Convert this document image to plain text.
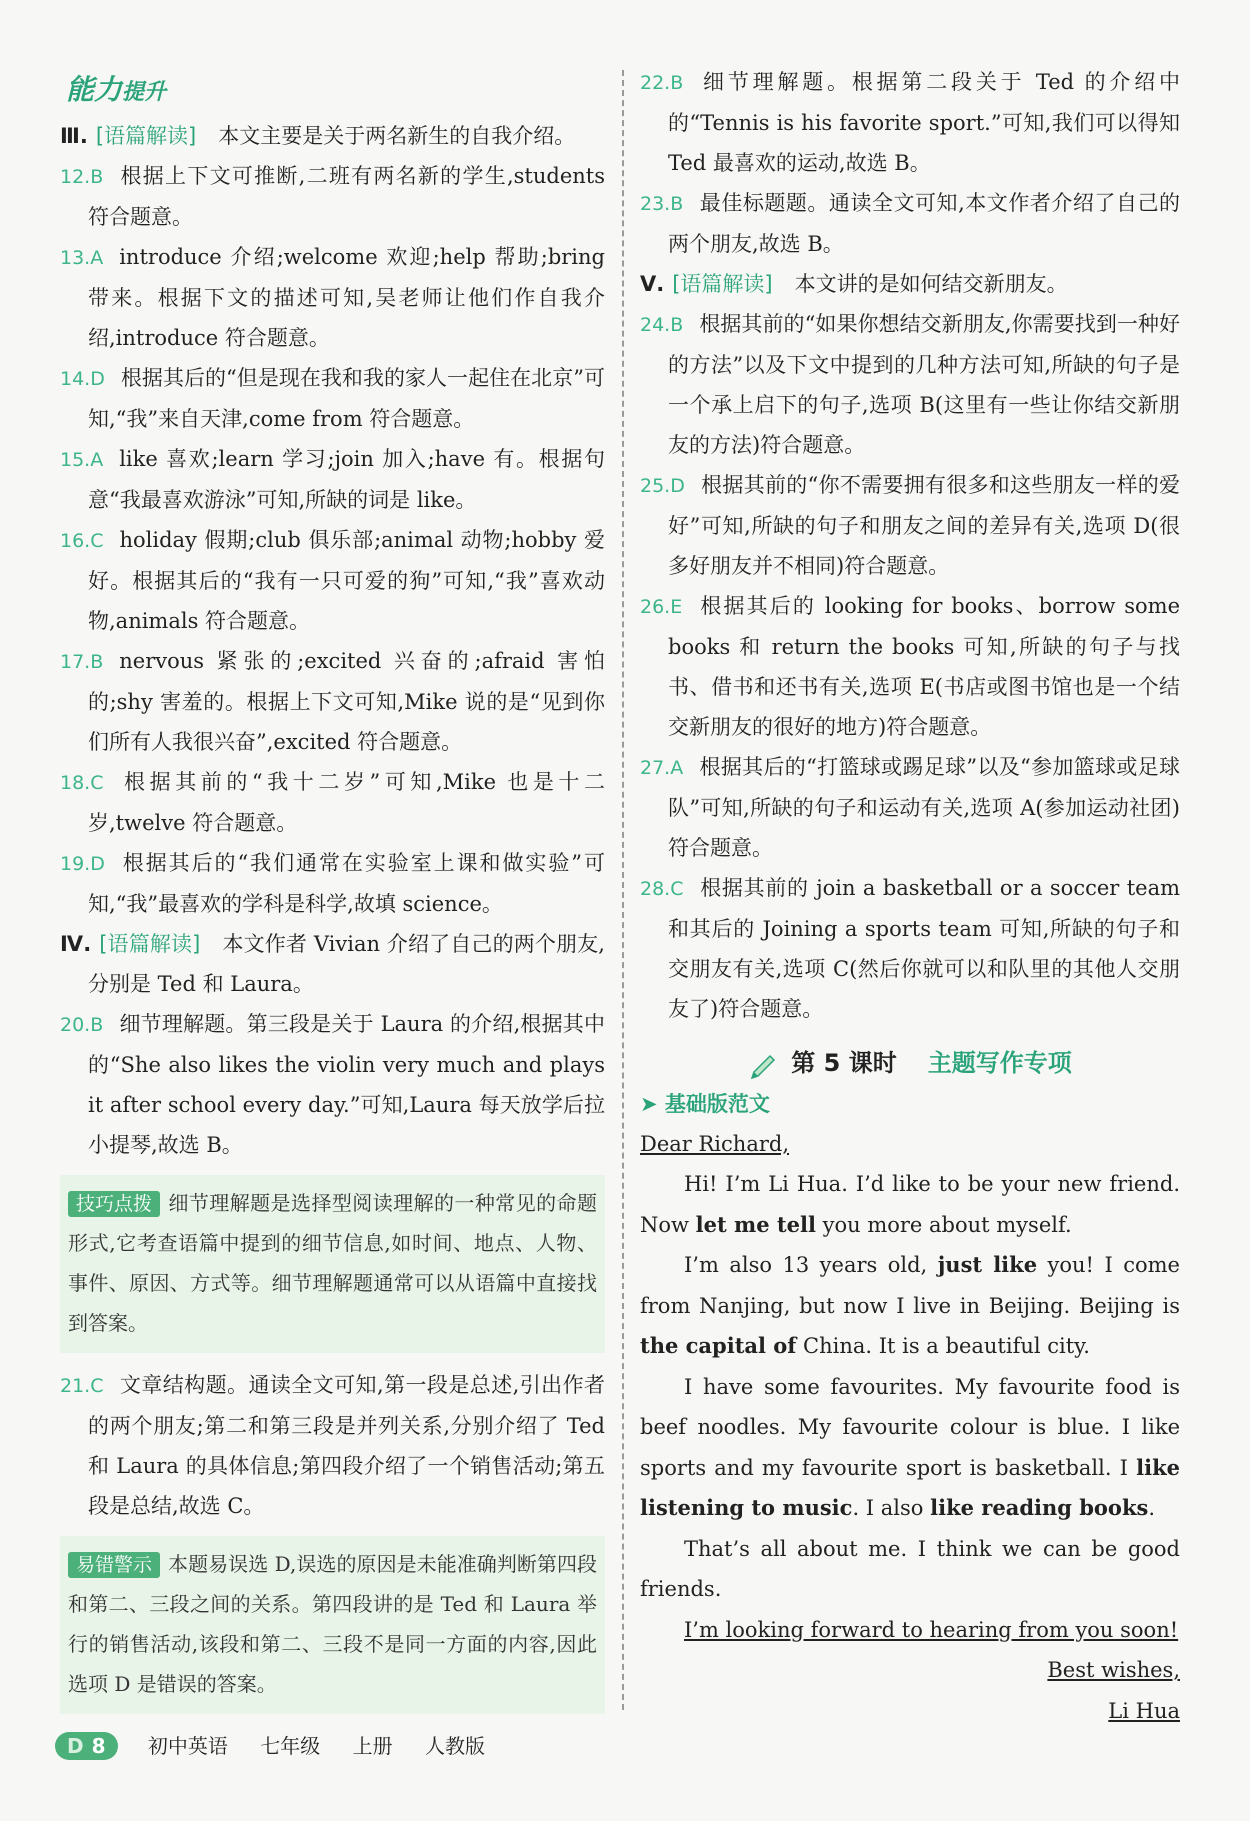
能力提升

Ⅲ. [语篇解读] 本文主要是关于两名新生的自我介绍。

12.B 根据上下文可推断,二班有两名新的学生,students 符合题意。

13.A introduce 介绍;welcome 欢迎;help 帮助;bring 带来。根据下文的描述可知,吴老师让他们作自我介绍,introduce 符合题意。

14.D 根据其后的“但是现在我和我的家人一起住在北京”可知,“我”来自天津,come from 符合题意。

15.A like 喜欢;learn 学习;join 加入;have 有。根据句意“我最喜欢游泳”可知,所缺的词是 like。

16.C holiday 假期;club 俱乐部;animal 动物;hobby 爱好。根据其后的“我有一只可爱的狗”可知,“我”喜欢动物,animals 符合题意。

17.B nervous 紧张的;excited 兴奋的;afraid 害怕的;shy 害羞的。根据上下文可知,Mike 说的是“见到你们所有人我很兴奋”,excited 符合题意。

18.C 根据其前的“我十二岁”可知,Mike 也是十二岁,twelve 符合题意。

19.D 根据其后的“我们通常在实验室上课和做实验”可知,“我”最喜欢的学科是科学,故填 science。

Ⅳ. [语篇解读] 本文作者 Vivian 介绍了自己的两个朋友,分别是 Ted 和 Laura。

20.B 细节理解题。第三段是关于 Laura 的介绍,根据其中的“She also likes the violin very much and plays it after school every day.”可知,Laura 每天放学后拉小提琴,故选 B。

技巧点拨 细节理解题是选择型阅读理解的一种常见的命题形式,它考查语篇中提到的细节信息,如时间、地点、人物、事件、原因、方式等。细节理解题通常可以从语篇中直接找到答案。

21.C 文章结构题。通读全文可知,第一段是总述,引出作者的两个朋友;第二和第三段是并列关系,分别介绍了 Ted 和 Laura 的具体信息;第四段介绍了一个销售活动;第五段是总结,故选 C。

易错警示 本题易误选 D,误选的原因是未能准确判断第四段和第二、三段之间的关系。第四段讲的是 Ted 和 Laura 举行的销售活动,该段和第二、三段不是同一方面的内容,因此选项 D 是错误的答案。

22.B 细节理解题。根据第二段关于 Ted 的介绍中的“Tennis is his favorite sport.”可知,我们可以得知 Ted 最喜欢的运动,故选 B。

23.B 最佳标题题。通读全文可知,本文作者介绍了自己的两个朋友,故选 B。

Ⅴ. [语篇解读] 本文讲的是如何结交新朋友。

24.B 根据其前的“如果你想结交新朋友,你需要找到一种好的方法”以及下文中提到的几种方法可知,所缺的句子是一个承上启下的句子,选项 B(这里有一些让你结交新朋友的方法)符合题意。

25.D 根据其前的“你不需要拥有很多和这些朋友一样的爱好”可知,所缺的句子和朋友之间的差异有关,选项 D(很多好朋友并不相同)符合题意。

26.E 根据其后的 looking for books、borrow some books 和 return the books 可知,所缺的句子与找书、借书和还书有关,选项 E(书店或图书馆也是一个结交新朋友的很好的地方)符合题意。

27.A 根据其后的“打篮球或踢足球”以及“参加篮球或足球队”可知,所缺的句子和运动有关,选项 A(参加运动社团)符合题意。

28.C 根据其前的 join a basketball or a soccer team 和其后的 Joining a sports team 可知,所缺的句子和交朋友有关,选项 C(然后你就可以和队里的其他人交朋友了)符合题意。

第 5 课时 主题写作专项
➤ 基础版范文

Dear Richard,

Hi! I’m Li Hua. I’d like to be your new friend. Now let me tell you more about myself.

I’m also 13 years old, just like you! I come from Nanjing, but now I live in Beijing. Beijing is the capital of China. It is a beautiful city.

I have some favourites. My favourite food is beef noodles. My favourite colour is blue. I like sports and my favourite sport is basketball. I like listening to music. I also like reading books.

That’s all about me. I think we can be good friends.

I’m looking forward to hearing from you soon!

Best wishes,

Li Hua

D 8 初中英语 七年级 上册 人教版
